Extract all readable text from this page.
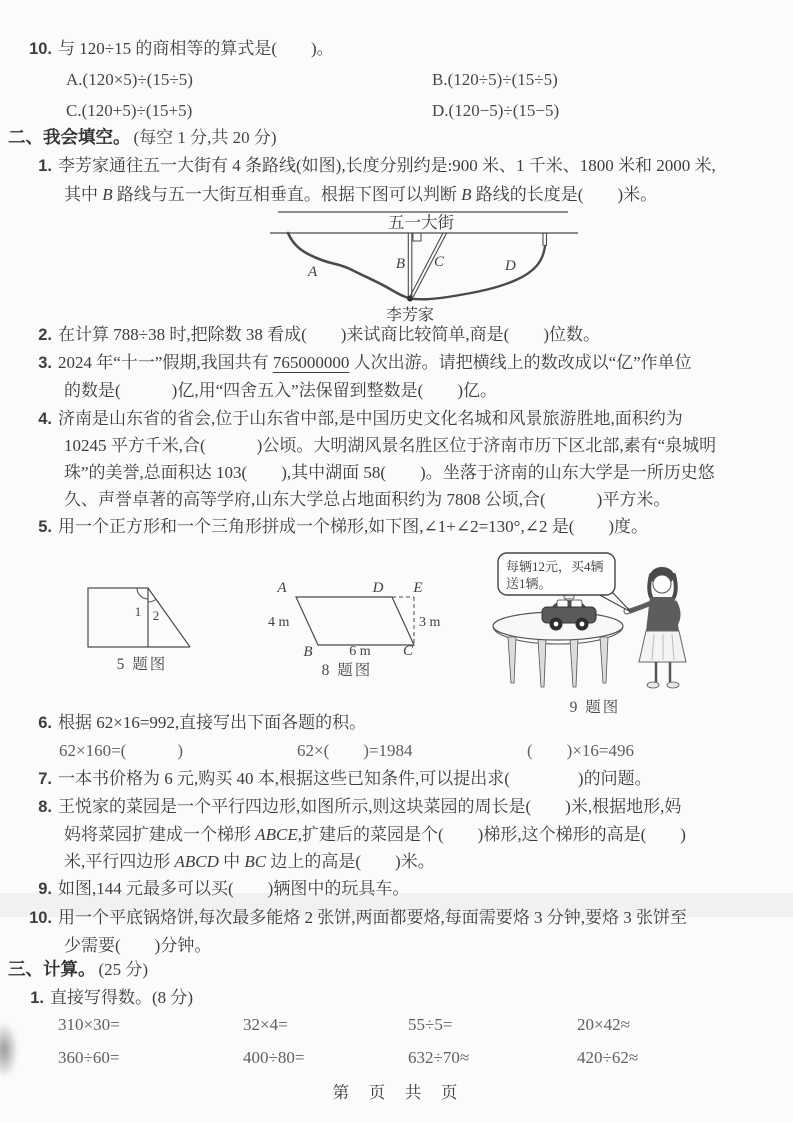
10. 与 120÷15 的商相等的算式是(　　)。
A.(120×5)÷(15÷5)	B.(120÷5)÷(15÷5)
C.(120+5)÷(15+5)	D.(120−5)÷(15−5)
二、我会填空。 (每空 1 分,共 20 分)
1. 李芳家通往五一大街有 4 条路线(如图),长度分别约是:900 米、1 千米、1800 米和 2000 米,
其中 B 路线与五一大街互相垂直。根据下图可以判断 B 路线的长度是(　　)米。
五一大街
A	B C	D
李芳家
2. 在计算 788÷38 时,把除数 38 看成(　　)来试商比较简单,商是(　　)位数。
3. 2024 年“十一”假期,我国共有 765000000 人次出游。请把横线上的数改成以“亿”作单位
的数是(　　　)亿,用“四舍五入”法保留到整数是(　　)亿。
4. 济南是山东省的省会,位于山东省中部,是中国历史文化名城和风景旅游胜地,面积约为
10245 平方千米,合(　　　)公顷。大明湖风景名胜区位于济南市历下区北部,素有“泉城明
珠”的美誉,总面积达 103(　　),其中湖面 58(　　)。坐落于济南的山东大学是一所历史悠
久、声誉卓著的高等学府,山东大学总占地面积约为 7808 公顷,合(　　　)平方米。
5. 用一个正方形和一个三角形拼成一个梯形,如下图,∠1+∠2=130°,∠2 是(　　)度。
1 2
5 题图
A	D E
B	C
4 m
6 m
3 m
8 题图
每辆12元，买4辆
送1辆。
9 题图
6. 根据 62×16=992,直接写出下面各题的积。
62×160=(　　　)	62×(　　)=1984	(　　)×16=496
7. 一本书价格为 6 元,购买 40 本,根据这些已知条件,可以提出求(　　　　)的问题。
8. 王悦家的菜园是一个平行四边形,如图所示,则这块菜园的周长是(　　)米,根据地形,妈
妈将菜园扩建成一个梯形 ABCE,扩建后的菜园是个(　　)梯形,这个梯形的高是(　　)
米,平行四边形 ABCD 中 BC 边上的高是(　　)米。
9. 如图,144 元最多可以买(　　)辆图中的玩具车。
10. 用一个平底锅烙饼,每次最多能烙 2 张饼,两面都要烙,每面需要烙 3 分钟,要烙 3 张饼至
少需要(　　)分钟。
三、计算。 (25 分)
1. 直接写得数。(8 分)
310×30=	32×4=	55÷5=	20×42≈
360÷60=	400÷80=	632÷70≈	420÷62≈
第 页 共 页
